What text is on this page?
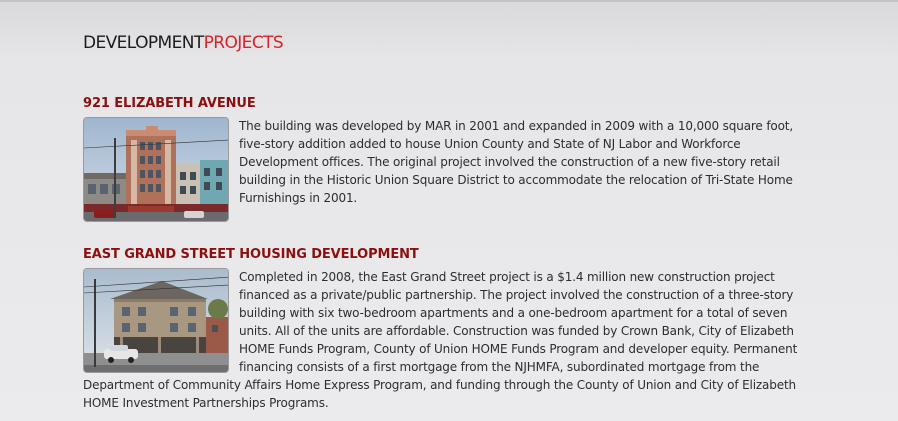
DEVELOPMENTPROJECTS
921 ELIZABETH AVENUE
The building was developed by MAR in 2001 and expanded in 2009 with a 10,000 square foot, five-story addition added to house Union County and State of NJ Labor and Workforce Development offices. The original project involved the construction of a new five-story retail building in the Historic Union Square District to accommodate the relocation of Tri-State Home Furnishings in 2001.
EAST GRAND STREET HOUSING DEVELOPMENT
Completed in 2008, the East Grand Street project is a $1.4 million new construction project financed as a private/public partnership. The project involved the construction of a three-story building with six two-bedroom apartments and a one-bedroom apartment for a total of seven units. All of the units are affordable. Construction was funded by Crown Bank, City of Elizabeth HOME Funds Program, County of Union HOME Funds Program and developer equity. Permanent financing consists of a first mortgage from the NJHMFA, subordinated mortgage from the Department of Community Affairs Home Express Program, and funding through the County of Union and City of Elizabeth HOME Investment Partnerships Programs.
